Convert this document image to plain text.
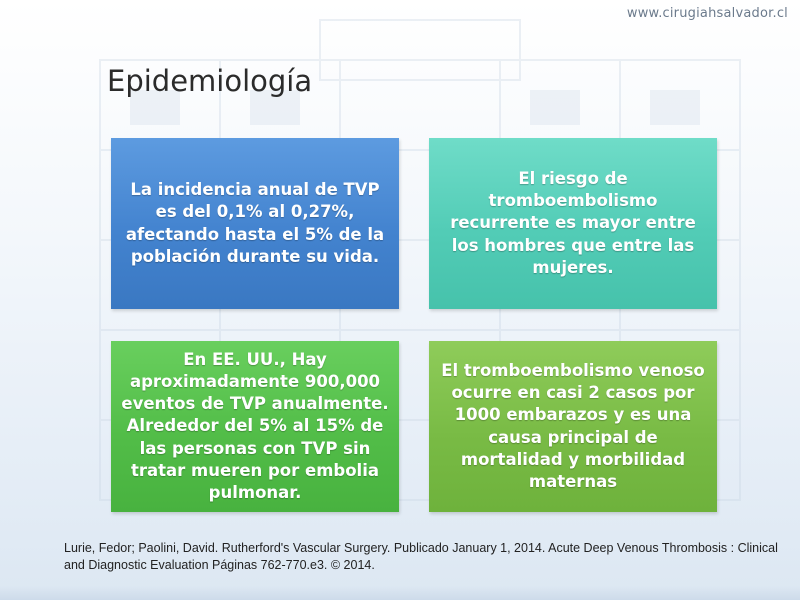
www.cirugiahsalvador.cl
Epidemiología
La incidencia anual de TVP es del 0,1% al 0,27%, afectando hasta el 5% de la población durante su vida.
El riesgo de tromboembolismo recurrente es mayor entre los hombres que entre las mujeres.
En EE. UU., Hay aproximadamente 900,000 eventos de TVP anualmente. Alrededor del 5% al 15% de las personas con TVP sin tratar mueren por embolia pulmonar.
El tromboembolismo venoso ocurre en casi 2 casos por 1000 embarazos y es una causa principal de mortalidad y morbilidad maternas
Lurie, Fedor; Paolini, David. Rutherford's Vascular Surgery. Publicado January 1, 2014. Acute Deep Venous Thrombosis : Clinical and Diagnostic Evaluation Páginas 762-770.e3. © 2014.
